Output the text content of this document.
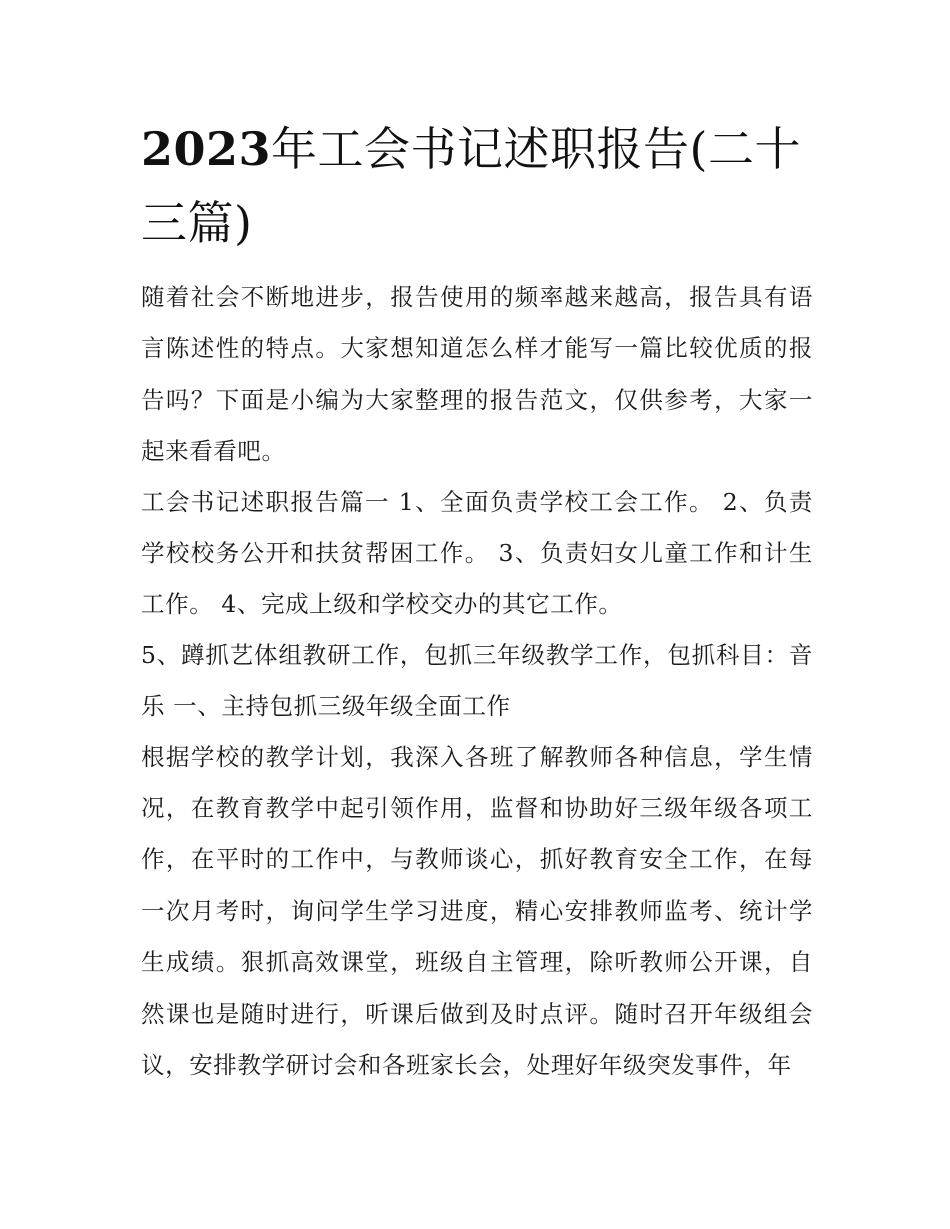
2023年工会书记述职报告(二十三篇)

随着社会不断地进步，报告使用的频率越来越高，报告具有语言陈述性的特点。大家想知道怎么样才能写一篇比较优质的报告吗？下面是小编为大家整理的报告范文，仅供参考，大家一起来看看吧。

工会书记述职报告篇一 1、全面负责学校工会工作。 2、负责学校校务公开和扶贫帮困工作。 3、负责妇女儿童工作和计生工作。 4、完成上级和学校交办的其它工作。

5、蹲抓艺体组教研工作，包抓三年级教学工作，包抓科目：音乐 一、主持包抓三级年级全面工作

根据学校的教学计划，我深入各班了解教师各种信息，学生情况，在教育教学中起引领作用，监督和协助好三级年级各项工作，在平时的工作中，与教师谈心，抓好教育安全工作，在每一次月考时，询问学生学习进度，精心安排教师监考、统计学生成绩。狠抓高效课堂，班级自主管理，除听教师公开课，自然课也是随时进行，听课后做到及时点评。随时召开年级组会议，安排教学研讨会和各班家长会，处理好年级突发事件，年
